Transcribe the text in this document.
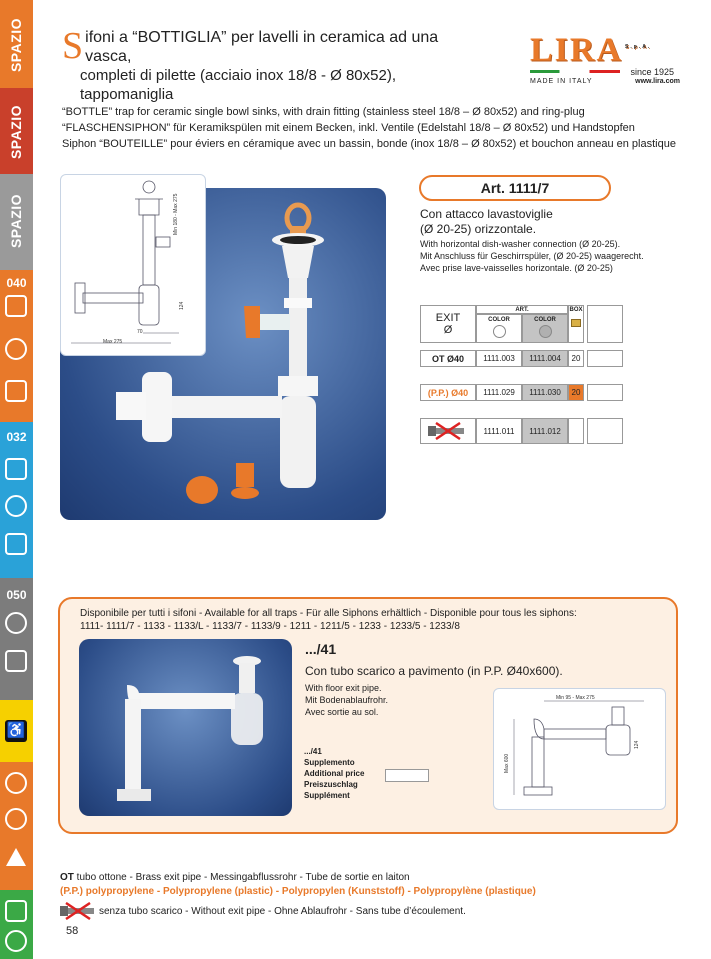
SPAZIO
SPAZIO
SPAZIO
040
032
050
♿
S ifoni a “BOTTIGLIA” per lavelli in ceramica ad una vasca,
completi di pilette (acciaio inox 18/8 - Ø 80x52), tappomaniglia
LIRA $^{S.p.A.}$
since 1925
MADE IN ITALY	www.lira.com
“BOTTLE” trap for ceramic single bowl sinks, with drain fitting (stainless steel 18/8 – Ø 80x52) and ring-plug
“FLASCHENSIPHON” für Keramikspülen mit einem Becken, inkl. Ventile (Edelstahl 18/8 – Ø 80x52) und Handstopfen
Siphon “BOUTEILLE” pour éviers en céramique avec un bassin, bonde (inox 18/8 – Ø 80x52) et bouchon anneau en plastique
Min 180 - Max 275
124
70
Max 275
Art. 1111/7
Con attacco lavastoviglie
(Ø 20-25) orizzontale.
With horizontal dish-washer connection (Ø 20-25).
Mit Anschluss für Geschirrspüler, (Ø 20-25) waagerecht.
Avec prise lave-vaisselles horizontale. (Ø 20-25)
EXIT
Ø
ART.
COLOR	COLOR
BOX
OT Ø40	1111.003	1111.004	20
(P.P.) Ø40	1111.029	1111.030	20
1111.011	1111.012
Disponibile per tutti i sifoni - Available for all traps - Für alle Siphons erhältlich - Disponible pour tous les siphons:
1111- 1111/7 - 1133 - 1133/L - 1133/7 - 1133/9 - 1211 - 1211/5 - 1233 - 1233/5 - 1233/8
.../41
Con tubo scarico a pavimento (in P.P. Ø40x600).
With floor exit pipe.
Mit Bodenablaufrohr.
Avec sortie au sol.
.../41
Supplemento
Additional price
Preiszuschlag
Supplément
Min 95 - Max 275
Max 600
124
OT tubo ottone - Brass exit pipe - Messingabflussrohr - Tube de sortie en laiton
(P.P.) polypropylene - Polypropylene (plastic) - Polypropylen (Kunststoff) - Polypropylène (plastique)
senza tubo scarico - Without exit pipe - Ohne Ablaufrohr - Sans tube d’écoulement.
58
